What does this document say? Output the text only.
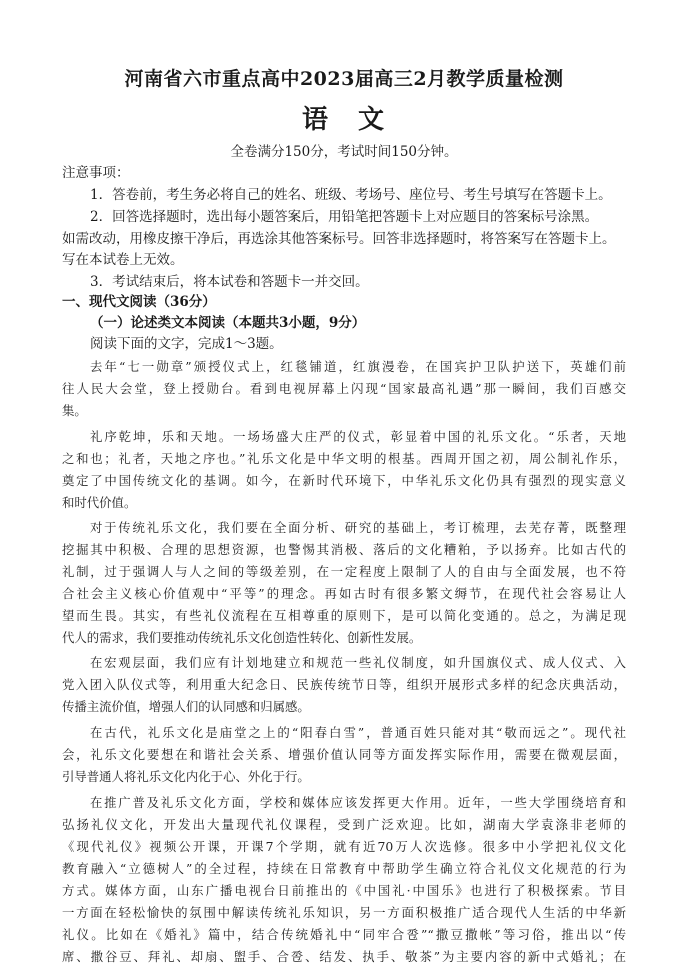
河南省六市重点高中2023届高三2月教学质量检测
语　文
全卷满分150分，考试时间150分钟。
注意事项：
1．答卷前，考生务必将自己的姓名、班级、考场号、座位号、考生号填写在答题卡上。
2．回答选择题时，选出每小题答案后，用铅笔把答题卡上对应题目的答案标号涂黑。
如需改动，用橡皮擦干净后，再选涂其他答案标号。回答非选择题时，将答案写在答题卡上。
写在本试卷上无效。
3．考试结束后，将本试卷和答题卡一并交回。
一、现代文阅读（36分）
（一）论述类文本阅读（本题共3小题，9分）
阅读下面的文字，完成1～3题。
去年“七一勋章”颁授仪式上，红毯铺道，红旗漫卷，在国宾护卫队护送下，英雄们前
往人民大会堂，登上授勋台。看到电视屏幕上闪现“国家最高礼遇”那一瞬间，我们百感交
集。
礼序乾坤，乐和天地。一场场盛大庄严的仪式，彰显着中国的礼乐文化。“乐者，天地
之和也；礼者，天地之序也。”礼乐文化是中华文明的根基。西周开国之初，周公制礼作乐，
奠定了中国传统文化的基调。如今，在新时代环境下，中华礼乐文化仍具有强烈的现实意义
和时代价值。
对于传统礼乐文化，我们要在全面分析、研究的基础上，考订梳理，去芜存菁，既整理
挖掘其中积极、合理的思想资源，也警惕其消极、落后的文化糟粕，予以扬弃。比如古代的
礼制，过于强调人与人之间的等级差别，在一定程度上限制了人的自由与全面发展，也不符
合社会主义核心价值观中“平等”的理念。再如古时有很多繁文缛节，在现代社会容易让人
望而生畏。其实，有些礼仪流程在互相尊重的原则下，是可以简化变通的。总之，为满足现
代人的需求，我们要推动传统礼乐文化创造性转化、创新性发展。
在宏观层面，我们应有计划地建立和规范一些礼仪制度，如升国旗仪式、成人仪式、入
党入团入队仪式等，利用重大纪念日、民族传统节日等，组织开展形式多样的纪念庆典活动，
传播主流价值，增强人们的认同感和归属感。
在古代，礼乐文化是庙堂之上的“阳春白雪”，普通百姓只能对其“敬而远之”。现代社
会，礼乐文化要想在和谐社会关系、增强价值认同等方面发挥实际作用，需要在微观层面，
引导普通人将礼乐文化内化于心、外化于行。
在推广普及礼乐文化方面，学校和媒体应该发挥更大作用。近年，一些大学围绕培育和
弘扬礼仪文化，开发出大量现代礼仪课程，受到广泛欢迎。比如，湖南大学袁涤非老师的
《现代礼仪》视频公开课，开课7个学期，就有近70万人次选修。很多中小学把礼仪文化
教育融入“立德树人”的全过程，持续在日常教育中帮助学生确立符合礼仪文化规范的行为
方式。媒体方面，山东广播电视台日前推出的《中国礼·中国乐》也进行了积极探索。节目
一方面在轻松愉快的氛围中解读传统礼乐知识，另一方面积极推广适合现代人生活的中华新
礼仪。比如在《婚礼》篇中，结合传统婚礼中“同牢合卺”“撒豆撒帐”等习俗，推出以“传
席、撒谷豆、拜礼、却扇、盥手、合卺、结发、执手、敬茶”为主要内容的新中式婚礼；在
